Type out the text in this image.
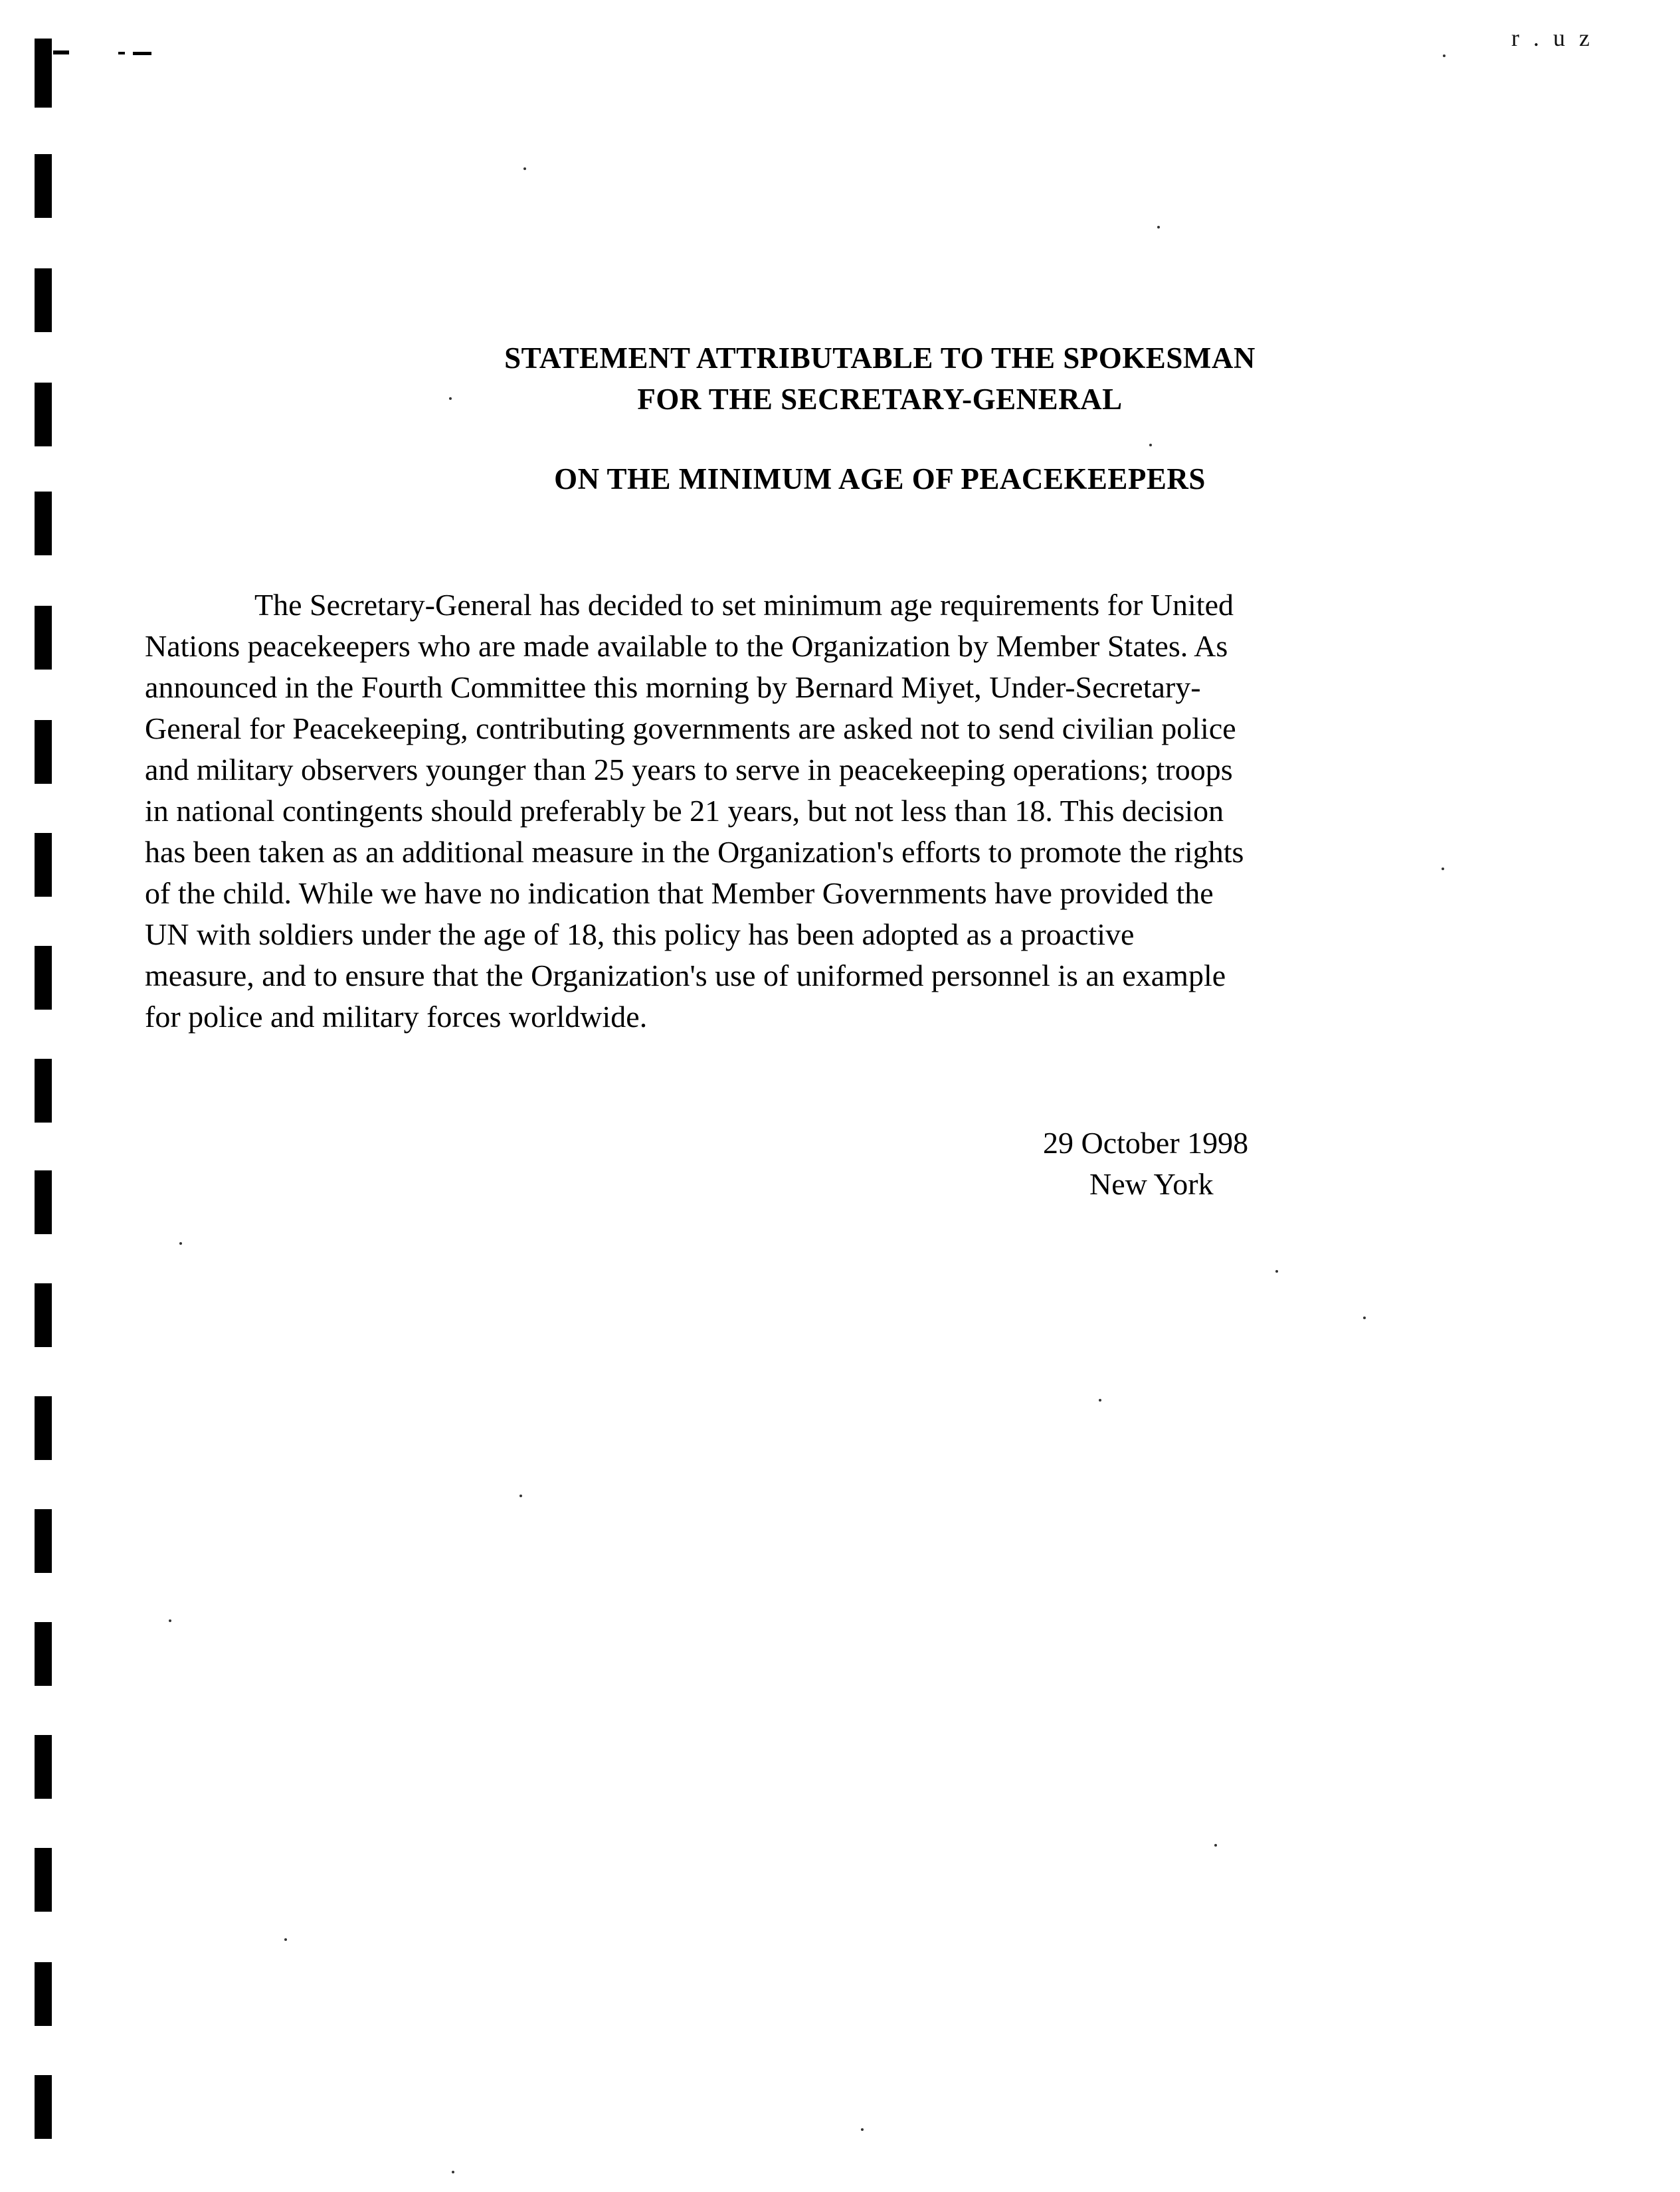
r . u z
STATEMENT ATTRIBUTABLE TO THE SPOKESMAN
FOR THE SECRETARY-GENERAL
ON THE MINIMUM AGE OF PEACEKEEPERS
The Secretary-General has decided to set minimum age requirements for United
Nations peacekeepers who are made available to the Organization by Member States. As
announced in the Fourth Committee this morning by Bernard Miyet, Under-Secretary-
General for Peacekeeping, contributing governments are asked not to send civilian police
and military observers younger than 25 years to serve in peacekeeping operations; troops
in national contingents should preferably be 21 years, but not less than 18. This decision
has been taken as an additional measure in the Organization's efforts to promote the rights
of the child. While we have no indication that Member Governments have provided the
UN with soldiers under the age of 18, this policy has been adopted as a proactive
measure, and to ensure that the Organization's use of uniformed personnel is an example
for police and military forces worldwide.
29 October 1998
New York
